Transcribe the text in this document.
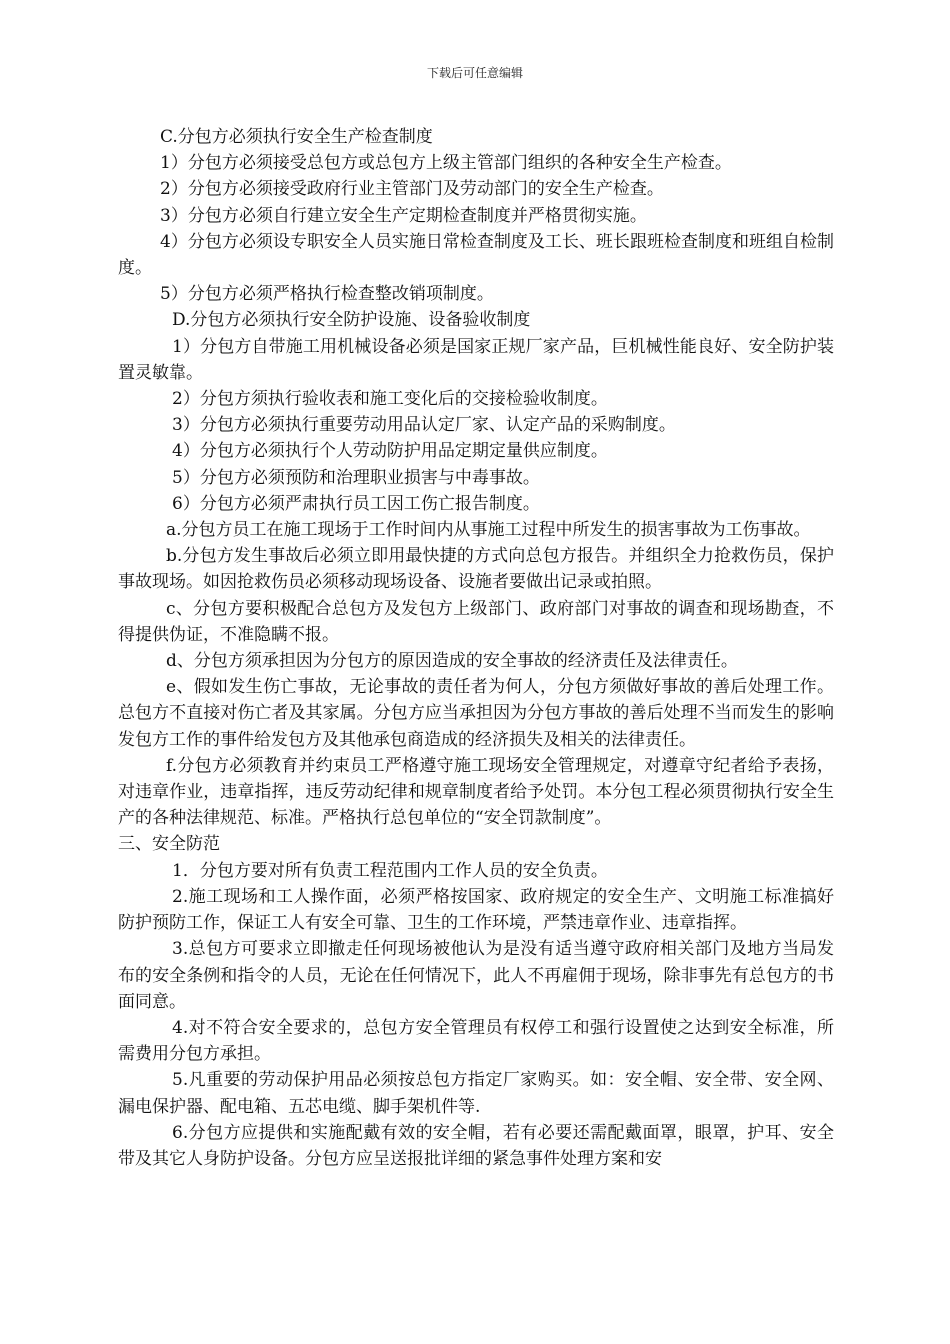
下载后可任意编辑

C.分包方必须执行安全生产检查制度

1）分包方必须接受总包方或总包方上级主管部门组织的各种安全生产检查。

2）分包方必须接受政府行业主管部门及劳动部门的安全生产检查。

3）分包方必须自行建立安全生产定期检查制度并严格贯彻实施。

4）分包方必须设专职安全人员实施日常检查制度及工长、班长跟班检查制度和班组自检制度。

5）分包方必须严格执行检查整改销项制度。

D.分包方必须执行安全防护设施、设备验收制度

1）分包方自带施工用机械设备必须是国家正规厂家产品，巨机械性能良好、安全防护装置灵敏靠。

2）分包方须执行验收表和施工变化后的交接检验收制度。

3）分包方必须执行重要劳动用品认定厂家、认定产品的采购制度。

4）分包方必须执行个人劳动防护用品定期定量供应制度。

5）分包方必须预防和治理职业损害与中毒事故。

6）分包方必须严肃执行员工因工伤亡报告制度。

a.分包方员工在施工现场于工作时间内从事施工过程中所发生的损害事故为工伤事故。

b.分包方发生事故后必须立即用最快捷的方式向总包方报告。并组织全力抢救伤员，保护事故现场。如因抢救伤员必须移动现场设备、设施者要做出记录或拍照。

c、分包方要积极配合总包方及发包方上级部门、政府部门对事故的调查和现场勘查，不得提供伪证，不准隐瞒不报。

d、分包方须承担因为分包方的原因造成的安全事故的经济责任及法律责任。

e、假如发生伤亡事故，无论事故的责任者为何人，分包方须做好事故的善后处理工作。总包方不直接对伤亡者及其家属。分包方应当承担因为分包方事故的善后处理不当而发生的影响发包方工作的事件给发包方及其他承包商造成的经济损失及相关的法律责任。

f.分包方必须教育并约束员工严格遵守施工现场安全管理规定，对遵章守纪者给予表扬，对违章作业，违章指挥，违反劳动纪律和规章制度者给予处罚。本分包工程必须贯彻执行安全生产的各种法律规范、标准。严格执行总包单位的“安全罚款制度”。

三、安全防范

1．分包方要对所有负责工程范围内工作人员的安全负责。

2.施工现场和工人操作面，必须严格按国家、政府规定的安全生产、文明施工标准搞好防护预防工作，保证工人有安全可靠、卫生的工作环境，严禁违章作业、违章指挥。

3.总包方可要求立即撤走任何现场被他认为是没有适当遵守政府相关部门及地方当局发布的安全条例和指令的人员，无论在任何情况下，此人不再雇佣于现场，除非事先有总包方的书面同意。

4.对不符合安全要求的，总包方安全管理员有权停工和强行设置使之达到安全标准，所需费用分包方承担。

5.凡重要的劳动保护用品必须按总包方指定厂家购买。如：安全帽、安全带、安全网、漏电保护器、配电箱、五芯电缆、脚手架机件等.

6.分包方应提供和实施配戴有效的安全帽，若有必要还需配戴面罩，眼罩，护耳、安全带及其它人身防护设备。分包方应呈送报批详细的紧急事件处理方案和安
